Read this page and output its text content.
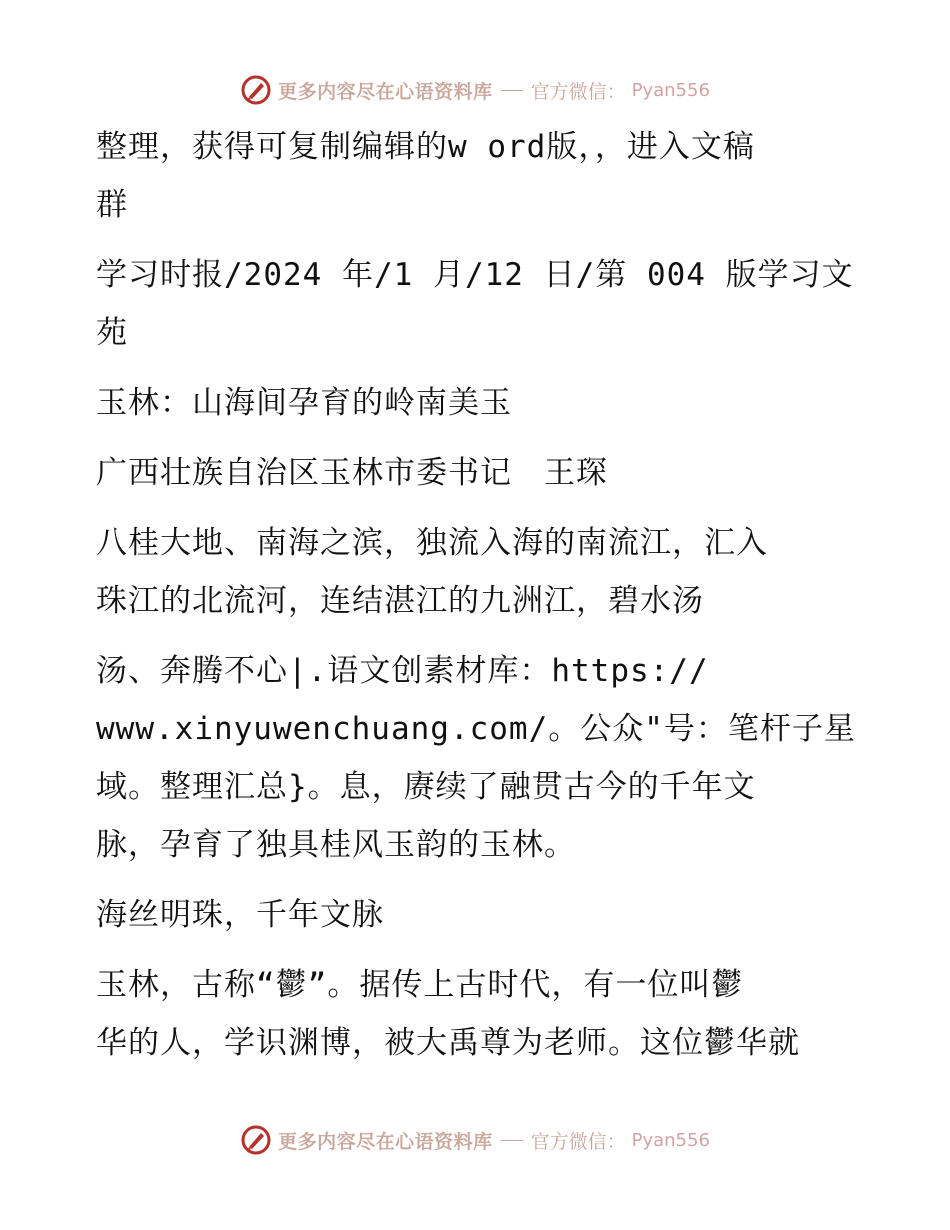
更多内容尽在心语资料库 官方微信： Pyan556
整理，获得可复制编辑的w ord版，，进入文稿
群
学习时报/2024 年/1 月/12 日/第 004 版学习文
苑
玉林：山海间孕育的岭南美玉
广西壮族自治区玉林市委书记　王琛
八桂大地、南海之滨，独流入海的南流江，汇入
珠江的北流河，连结湛江的九洲江，碧水汤
汤、奔腾不心|.语文创素材库：https://
www.xinyuwenchuang.com/。公众"号：笔杆子星
域。整理汇总}。息，赓续了融贯古今的千年文
脉，孕育了独具桂风玉韵的玉林。
海丝明珠，千年文脉
玉林，古称“鬱”。据传上古时代，有一位叫鬱
华的人，学识渊博，被大禹尊为老师。这位鬱华就
更多内容尽在心语资料库 官方微信： Pyan556
